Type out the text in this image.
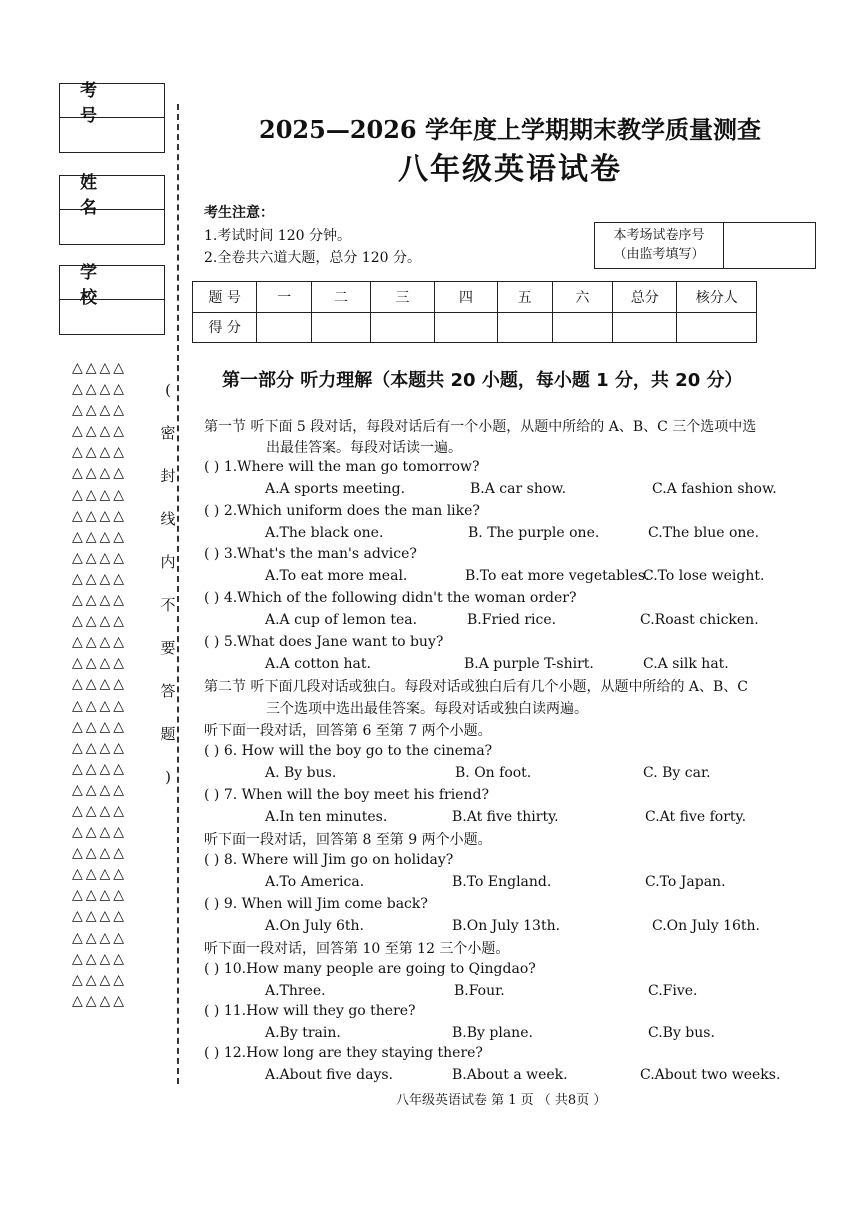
考 号
姓 名
学 校
△△△△
△△△△
△△△△
△△△△
△△△△
△△△△
△△△△
△△△△
△△△△
△△△△
△△△△
△△△△
△△△△
△△△△
△△△△
△△△△
△△△△
△△△△
△△△△
△△△△
△△△△
△△△△
△△△△
△△△△
△△△△
△△△△
△△△△
△△△△
△△△△
△△△△
△△△△
(
密
封
线
内
不
要
答
题
)
2025—2026 学年度上学期期末教学质量测查
八年级英语试卷
考生注意：
1.考试时间 120 分钟。
2.全卷共六道大题，总分 120 分。
本考场试卷序号
（由监考填写）
题 号	一	二	三	四	五	六	总分	核分人
得 分								
第一部分 听力理解（本题共 20 小题，每小题 1 分，共 20 分）
第一节 听下面 5 段对话，每段对话后有一个小题，从题中所给的 A、B、C 三个选项中选
出最佳答案。每段对话读一遍。
( ) 1.Where will the man go tomorrow?
A.A sports meeting.	B.A car show.	C.A fashion show.
( ) 2.Which uniform does the man like?
A.The black one.	B. The purple one.	C.The blue one.
( ) 3.What's the man's advice?
A.To eat more meal.	B.To eat more vegetables.
C.To lose weight.
( ) 4.Which of the following didn't the woman order?
A.A cup of lemon tea.	B.Fried rice.	C.Roast chicken.
( ) 5.What does Jane want to buy?
A.A cotton hat.	B.A purple T-shirt.	C.A silk hat.
( ) 6. How will the boy go to the cinema?
A. By bus.	B. On foot.	C. By car.
( ) 7. When will the boy meet his friend?
A.In ten minutes.	B.At five thirty.	C.At five forty.
( ) 8. Where will Jim go on holiday?
A.To America.	B.To England.	C.To Japan.
( ) 9. When will Jim come back?
A.On July 6th.	B.On July 13th.	C.On July 16th.
( ) 10.How many people are going to Qingdao?
A.Three.	B.Four.	C.Five.
( ) 11.How will they go there?
A.By train.	B.By plane.	C.By bus.
( ) 12.How long are they staying there?
A.About five days.	B.About a week.	C.About two weeks.
第二节 听下面几段对话或独白。每段对话或独白后有几个小题，从题中所给的 A、B、C
三个选项中选出最佳答案。每段对话或独白读两遍。
听下面一段对话，回答第 6 至第 7 两个小题。
听下面一段对话，回答第 8 至第 9 两个小题。
听下面一段对话，回答第 10 至第 12 三个小题。
八年级英语试卷 第 1 页 （ 共8页 ）
